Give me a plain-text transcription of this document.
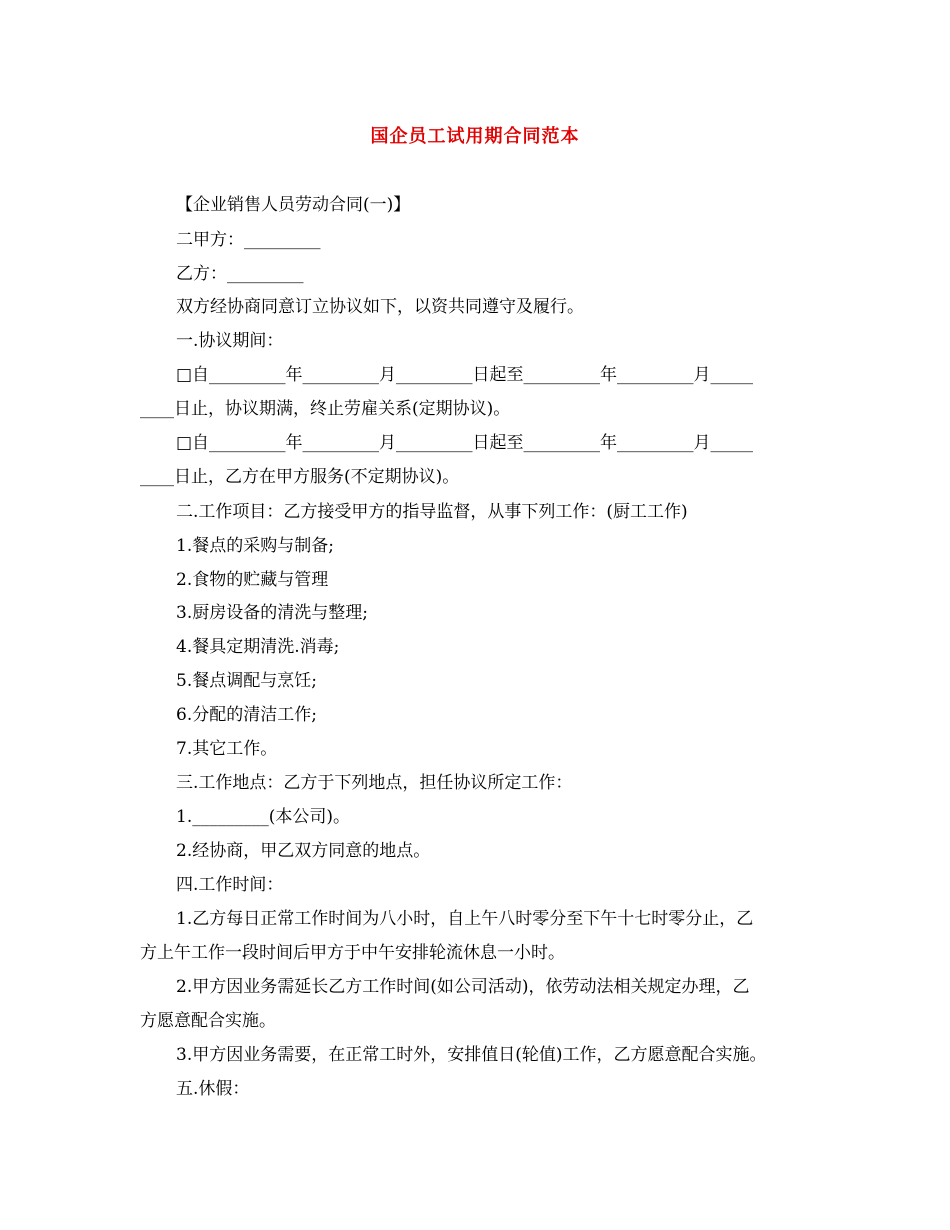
国企员工试用期合同范本
【企业销售人员劳动合同(一)】
二甲方：_________
乙方：_________
双方经协商同意订立协议如下，以资共同遵守及履行。
一.协议期间：
□自_________年_________月_________日起至_________年_________月_____
____日止，协议期满，终止劳雇关系(定期协议)。
□自_________年_________月_________日起至_________年_________月_____
____日止，乙方在甲方服务(不定期协议)。
二.工作项目：乙方接受甲方的指导监督，从事下列工作：(厨工工作)
1.餐点的采购与制备;
2.食物的贮藏与管理
3.厨房设备的清洗与整理;
4.餐具定期清洗.消毒;
5.餐点调配与烹饪;
6.分配的清洁工作;
7.其它工作。
三.工作地点：乙方于下列地点，担任协议所定工作：
1._________(本公司)。
2.经协商，甲乙双方同意的地点。
四.工作时间：
1.乙方每日正常工作时间为八小时，自上午八时零分至下午十七时零分止，乙
方上午工作一段时间后甲方于中午安排轮流休息一小时。
2.甲方因业务需延长乙方工作时间(如公司活动)，依劳动法相关规定办理，乙
方愿意配合实施。
3.甲方因业务需要，在正常工时外，安排值日(轮值)工作，乙方愿意配合实施。
五.休假：
